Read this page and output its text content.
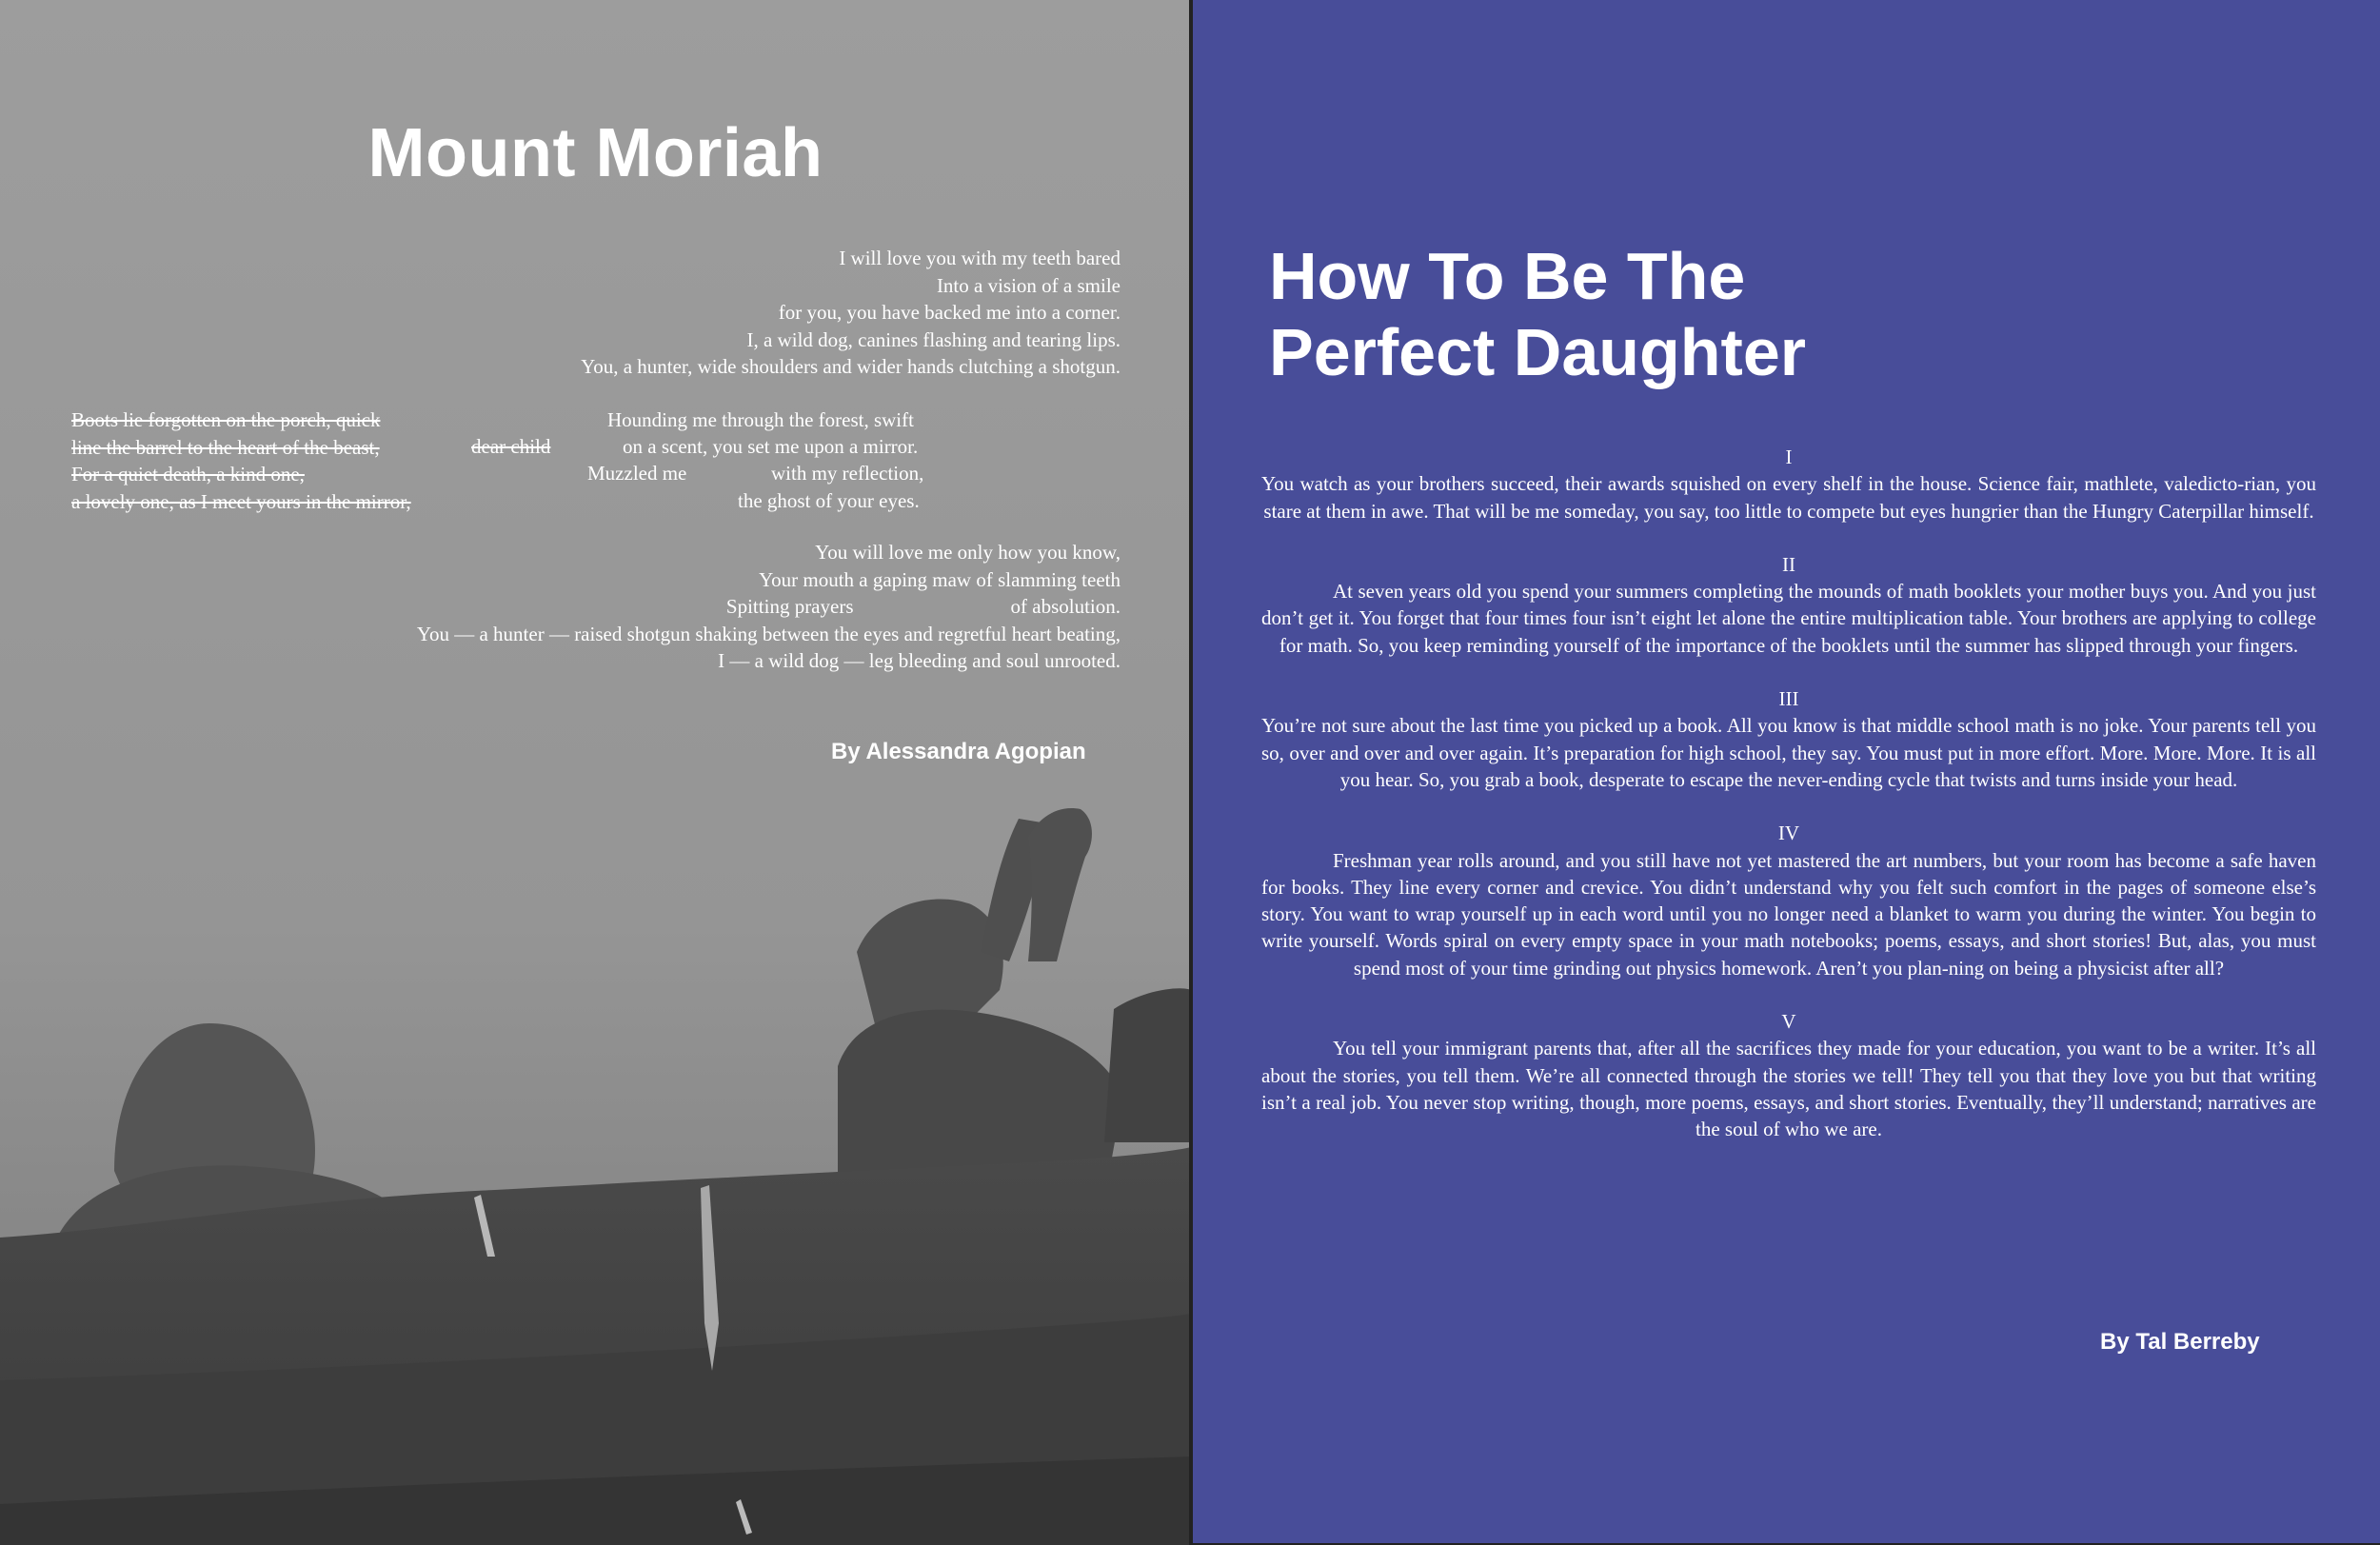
Mount Moriah
I will love you with my teeth bared
Into a vision of a smile
for you, you have backed me into a corner.
I, a wild dog, canines flashing and tearing lips.
You, a hunter, wide shoulders and wider hands clutching a shotgun.
Boots lie forgotten on the porch, quick
line the barrel to the heart of the beast,
For a quiet death, a kind one,
a lovely one, as I meet yours in the mirror,
dear child
Hounding me through the forest, swift
on a scent, you set me upon a mirror.
Muzzled me	with my reflection,
the ghost of your eyes.
You will love me only how you know,
Your mouth a gaping maw of slamming teeth
Spitting prayers	of absolution.
You — a hunter — raised shotgun shaking between the eyes and regretful heart beating,
I — a wild dog — leg bleeding and soul unrooted.

By Alessandra Agopian

How To Be The
Perfect Daughter

I

You watch as your brothers succeed, their awards squished on every shelf in the house. Science fair, mathlete, valedicto-rian, you stare at them in awe. That will be me someday, you say, too little to compete but eyes hungrier than the Hungry Caterpillar himself.

II

At seven years old you spend your summers completing the mounds of math booklets your mother buys you. And you just don’t get it. You forget that four times four isn’t eight let alone the entire multiplication table. Your brothers are applying to college for math. So, you keep reminding yourself of the importance of the booklets until the summer has slipped through your fingers.

III

You’re not sure about the last time you picked up a book. All you know is that middle school math is no joke. Your parents tell you so, over and over and over again. It’s preparation for high school, they say. You must put in more effort. More. More. More. It is all you hear. So, you grab a book, desperate to escape the never-ending cycle that twists and turns inside your head.

IV

Freshman year rolls around, and you still have not yet mastered the art numbers, but your room has become a safe haven for books. They line every corner and crevice. You didn’t understand why you felt such comfort in the pages of someone else’s story. You want to wrap yourself up in each word until you no longer need a blanket to warm you during the winter. You begin to write yourself. Words spiral on every empty space in your math notebooks; poems, essays, and short stories! But, alas, you must spend most of your time grinding out physics homework. Aren’t you plan-ning on being a physicist after all?

V

You tell your immigrant parents that, after all the sacrifices they made for your education, you want to be a writer. It’s all about the stories, you tell them. We’re all connected through the stories we tell! They tell you that they love you but that writing isn’t a real job. You never stop writing, though, more poems, essays, and short stories. Eventually, they’ll understand; narratives are the soul of who we are.

By Tal Berreby
